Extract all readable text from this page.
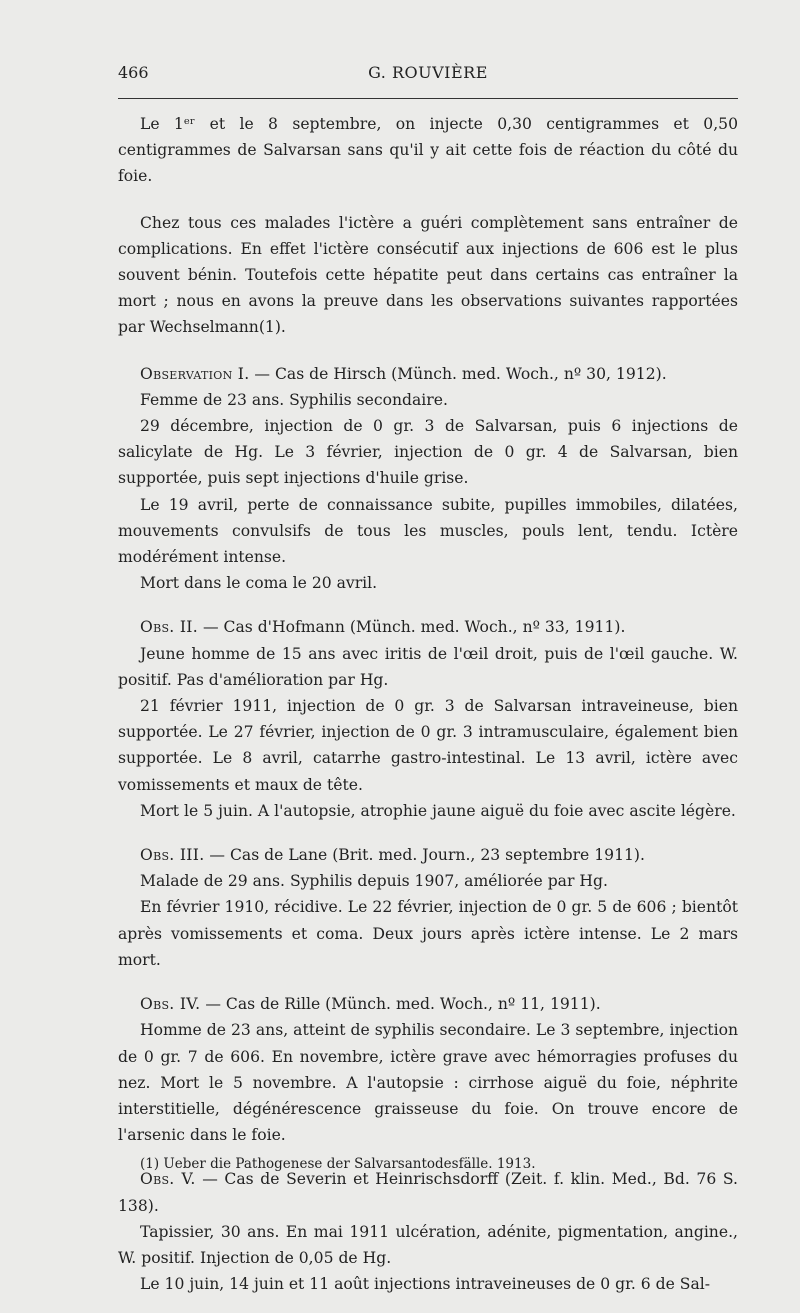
466	G. ROUVIÈRE

Le 1ᵉʳ et le 8 septembre, on injecte 0,30 centigrammes et 0,50 centigrammes de Salvarsan sans qu'il y ait cette fois de réaction du côté du foie.

Chez tous ces malades l'ictère a guéri complètement sans entraîner de complications. En effet l'ictère consécutif aux injections de 606 est le plus souvent bénin. Toutefois cette hépatite peut dans certains cas entraîner la mort ; nous en avons la preuve dans les observations suivantes rapportées par Wechselmann(1).

Observation I. — Cas de Hirsch (Münch. med. Woch., nº 30, 1912).

Femme de 23 ans. Syphilis secondaire.

29 décembre, injection de 0 gr. 3 de Salvarsan, puis 6 injections de salicylate de Hg. Le 3 février, injection de 0 gr. 4 de Salvarsan, bien supportée, puis sept injections d'huile grise.

Le 19 avril, perte de connaissance subite, pupilles immobiles, dilatées, mouvements convulsifs de tous les muscles, pouls lent, tendu. Ictère modérément intense.

Mort dans le coma le 20 avril.

Obs. II. — Cas d'Hofmann (Münch. med. Woch., nº 33, 1911).

Jeune homme de 15 ans avec iritis de l'œil droit, puis de l'œil gauche. W. positif. Pas d'amélioration par Hg.

21 février 1911, injection de 0 gr. 3 de Salvarsan intraveineuse, bien supportée. Le 27 février, injection de 0 gr. 3 intramusculaire, également bien supportée. Le 8 avril, catarrhe gastro-intestinal. Le 13 avril, ictère avec vomissements et maux de tête.

Mort le 5 juin. A l'autopsie, atrophie jaune aiguë du foie avec ascite légère.

Obs. III. — Cas de Lane (Brit. med. Journ., 23 septembre 1911).

Malade de 29 ans. Syphilis depuis 1907, améliorée par Hg.

En février 1910, récidive. Le 22 février, injection de 0 gr. 5 de 606 ; bientôt après vomissements et coma. Deux jours après ictère intense. Le 2 mars mort.

Obs. IV. — Cas de Rille (Münch. med. Woch., nº 11, 1911).

Homme de 23 ans, atteint de syphilis secondaire. Le 3 septembre, injection de 0 gr. 7 de 606. En novembre, ictère grave avec hémorragies profuses du nez. Mort le 5 novembre. A l'autopsie : cirrhose aiguë du foie, néphrite interstitielle, dégénérescence graisseuse du foie. On trouve encore de l'arsenic dans le foie.

Obs. V. — Cas de Severin et Heinrischsdorff (Zeit. f. klin. Med., Bd. 76 S. 138).

Tapissier, 30 ans. En mai 1911 ulcération, adénite, pigmentation, angine., W. positif. Injection de 0,05 de Hg.

Le 10 juin, 14 juin et 11 août injections intraveineuses de 0 gr. 6 de Sal-

(1) Ueber die Pathogenese der Salvarsantodesfälle. 1913.
